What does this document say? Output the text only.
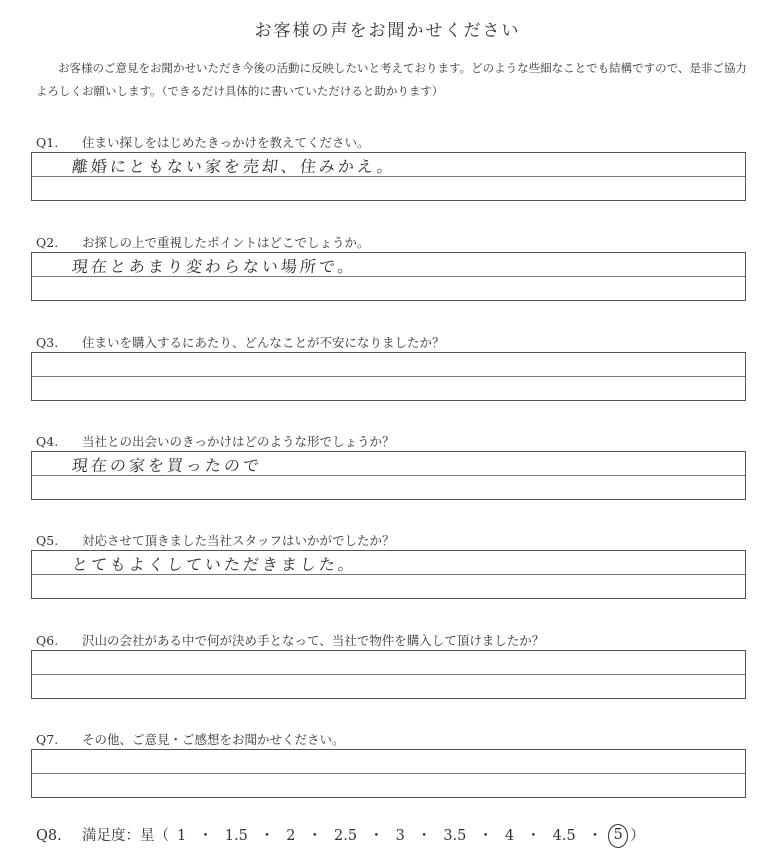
お客様の声をお聞かせください
お客様のご意見をお聞かせいただき今後の活動に反映したいと考えております。どのような些細なことでも結構ですので、是非ご協力よろしくお願いします。（できるだけ具体的に書いていただけると助かります）
Q1. 住まい探しをはじめたきっかけを教えてください。
離婚にともない家を売却、住みかえ。
Q2. お探しの上で重視したポイントはどこでしょうか。
現在とあまり変わらない場所で。
Q3. 住まいを購入するにあたり、どんなことが不安になりましたか？
Q4. 当社との出会いのきっかけはどのような形でしょうか？
現在の家を買ったので
Q5. 対応させて頂きました当社スタッフはいかがでしたか？
とてもよくしていただきました。
Q6. 沢山の会社がある中で何が決め手となって、当社で物件を購入して頂けましたか？
Q7. その他、ご意見・ご感想をお聞かせください。
Q8. 満足度：星（ 1 ・ 1.5 ・ 2 ・ 2.5 ・ 3 ・ 3.5 ・ 4 ・ 4.5 ・ 5 ）
